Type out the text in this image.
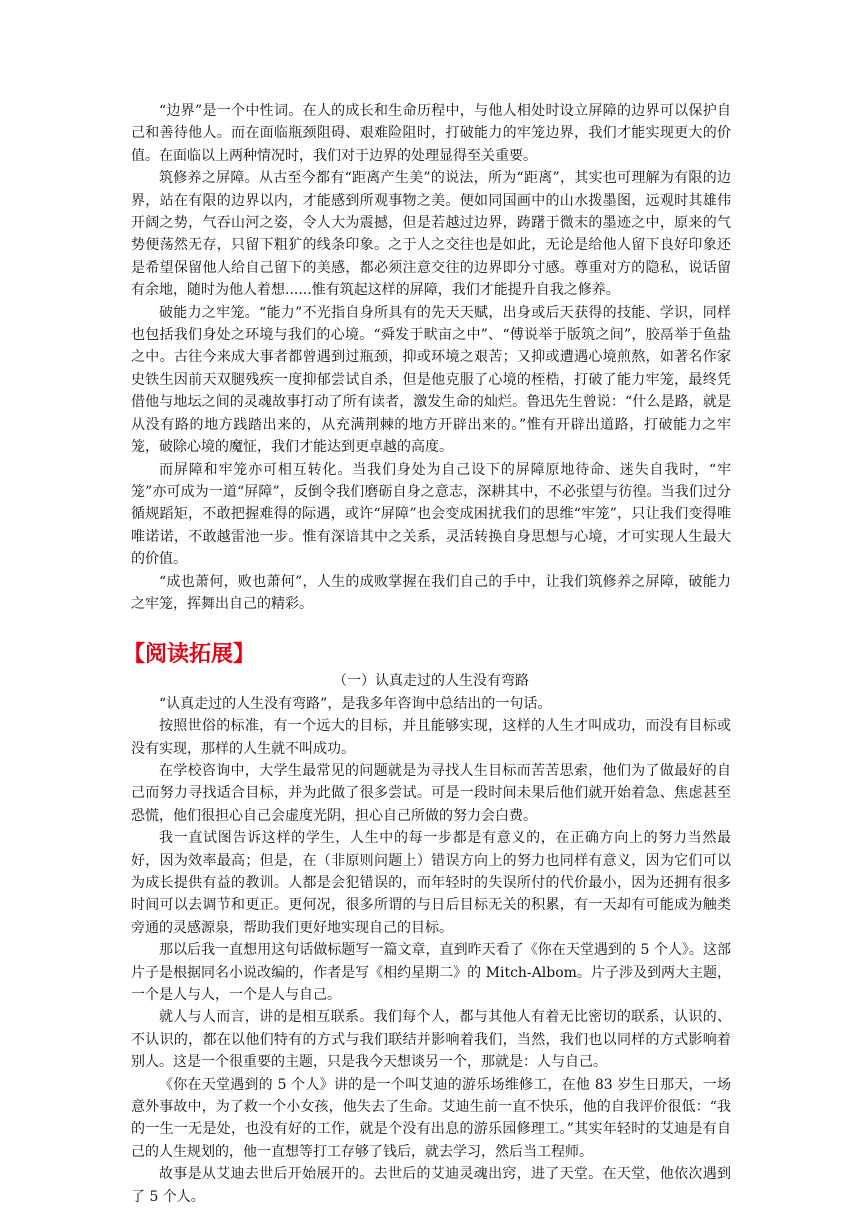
“边界”是一个中性词。在人的成长和生命历程中，与他人相处时设立屏障的边界可以保护自己和善待他人。而在面临瓶颈阻碍、艰难险阻时，打破能力的牢笼边界，我们才能实现更大的价值。在面临以上两种情况时，我们对于边界的处理显得至关重要。

筑修养之屏障。从古至今都有“距离产生美”的说法，所为“距离”，其实也可理解为有限的边界，站在有限的边界以内，才能感到所观事物之美。便如同国画中的山水拨墨图，远观时其雄伟开阔之势，气吞山河之姿，令人大为震撼，但是若越过边界，踌躇于微末的墨迹之中，原来的气势便荡然无存，只留下粗犷的线条印象。之于人之交往也是如此，无论是给他人留下良好印象还是希望保留他人给自己留下的美感，都必须注意交往的边界即分寸感。尊重对方的隐私，说话留有余地，随时为他人着想......惟有筑起这样的屏障，我们才能提升自我之修养。

破能力之牢笼。“能力”不光指自身所具有的先天天赋，出身或后天获得的技能、学识，同样也包括我们身处之环境与我们的心境。“舜发于畎亩之中”、“傅说举于版筑之间”，胶鬲举于鱼盐之中。古往今来成大事者都曾遇到过瓶颈，抑或环境之艰苦；又抑或遭遇心境煎熬，如著名作家史铁生因前天双腿残疾一度抑郁尝试自杀，但是他克服了心境的桎梏，打破了能力牢笼，最终凭借他与地坛之间的灵魂故事打动了所有读者，激发生命的灿烂。鲁迅先生曾说：“什么是路，就是从没有路的地方践踏出来的，从充满荆棘的地方开辟出来的。”惟有开辟出道路，打破能力之牢笼，破除心境的魔怔，我们才能达到更卓越的高度。

而屏障和牢笼亦可相互转化。当我们身处为自己设下的屏障原地待命、迷失自我时，“牢笼”亦可成为一道“屏障”，反倒令我们磨砺自身之意志，深耕其中，不必张望与彷徨。当我们过分循规蹈矩，不敢把握难得的际遇，或许“屏障”也会变成困扰我们的思维“牢笼”，只让我们变得唯唯诺诺，不敢越雷池一步。惟有深谙其中之关系，灵活转换自身思想与心境，才可实现人生最大的价值。

“成也萧何，败也萧何”，人生的成败掌握在我们自己的手中，让我们筑修养之屏障，破能力之牢笼，挥舞出自己的精彩。

【阅读拓展】

（一）认真走过的人生没有弯路

“认真走过的人生没有弯路”，是我多年咨询中总结出的一句话。

按照世俗的标准，有一个远大的目标，并且能够实现，这样的人生才叫成功，而没有目标或没有实现，那样的人生就不叫成功。

在学校咨询中，大学生最常见的问题就是为寻找人生目标而苦苦思索，他们为了做最好的自己而努力寻找适合目标，并为此做了很多尝试。可是一段时间未果后他们就开始着急、焦虑甚至恐慌，他们很担心自己会虚度光阴，担心自己所做的努力会白费。

我一直试图告诉这样的学生，人生中的每一步都是有意义的，在正确方向上的努力当然最好，因为效率最高；但是，在（非原则问题上）错误方向上的努力也同样有意义，因为它们可以为成长提供有益的教训。人都是会犯错误的，而年轻时的失误所付的代价最小，因为还拥有很多时间可以去调节和更正。更何况，很多所谓的与日后目标无关的积累，有一天却有可能成为触类旁通的灵感源泉，帮助我们更好地实现自己的目标。

那以后我一直想用这句话做标题写一篇文章，直到昨天看了《你在天堂遇到的 5 个人》。这部片子是根据同名小说改编的，作者是写《相约星期二》的 Mitch-Albom。片子涉及到两大主题，一个是人与人，一个是人与自己。

就人与人而言，讲的是相互联系。我们每个人，都与其他人有着无比密切的联系，认识的、不认识的，都在以他们特有的方式与我们联结并影响着我们，当然，我们也以同样的方式影响着别人。这是一个很重要的主题，只是我今天想谈另一个，那就是：人与自己。

《你在天堂遇到的 5 个人》讲的是一个叫艾迪的游乐场维修工，在他 83 岁生日那天，一场意外事故中，为了救一个小女孩，他失去了生命。艾迪生前一直不快乐，他的自我评价很低：“我的一生一无是处，也没有好的工作，就是个没有出息的游乐园修理工。”其实年轻时的艾迪是有自己的人生规划的，他一直想等打工存够了钱后，就去学习，然后当工程师。

故事是从艾迪去世后开始展开的。去世后的艾迪灵魂出窍，进了天堂。在天堂，他依次遇到了 5 个人。
